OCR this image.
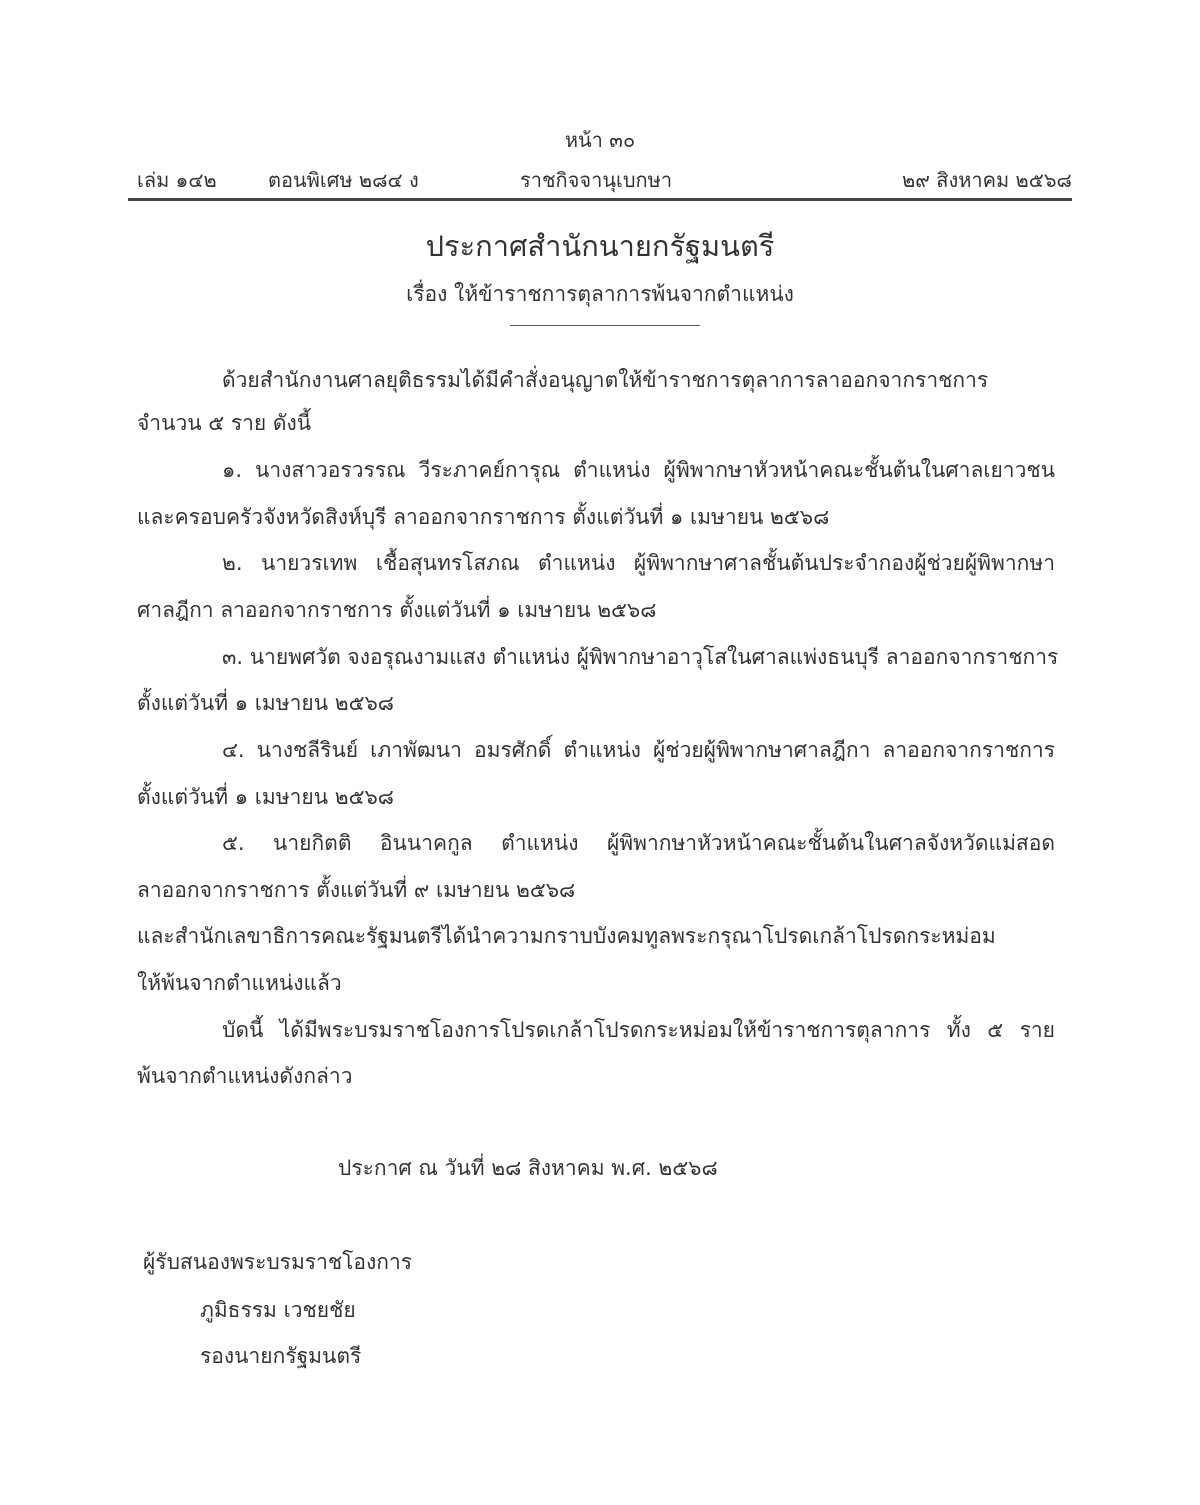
หน้า ๓๐
เล่ม ๑๔๒	ตอนพิเศษ ๒๘๔ ง	ราชกิจจานุเบกษา	๒๙ สิงหาคม ๒๕๖๘
ประกาศสำนักนายกรัฐมนตรี
เรื่อง ให้ข้าราชการตุลาการพ้นจากตำแหน่ง
ด้วยสำนักงานศาลยุติธรรมได้มีคำสั่งอนุญาตให้ข้าราชการตุลาการลาออกจากราชการ
จำนวน ๕ ราย ดังนี้
๑. นางสาวอรวรรณ วีระภาคย์การุณ ตำแหน่ง ผู้พิพากษาหัวหน้าคณะชั้นต้นในศาลเยาวชน
และครอบครัวจังหวัดสิงห์บุรี ลาออกจากราชการ ตั้งแต่วันที่ ๑ เมษายน ๒๕๖๘
๒. นายวรเทพ เชื้อสุนทรโสภณ ตำแหน่ง ผู้พิพากษาศาลชั้นต้นประจำกองผู้ช่วยผู้พิพากษา
ศาลฎีกา ลาออกจากราชการ ตั้งแต่วันที่ ๑ เมษายน ๒๕๖๘
๓. นายพศวัต จงอรุณงามแสง ตำแหน่ง ผู้พิพากษาอาวุโสในศาลแพ่งธนบุรี ลาออกจากราชการ
ตั้งแต่วันที่ ๑ เมษายน ๒๕๖๘
๔. นางชลีรินย์ เภาพัฒนา อมรศักดิ์ ตำแหน่ง ผู้ช่วยผู้พิพากษาศาลฎีกา ลาออกจากราชการ
ตั้งแต่วันที่ ๑ เมษายน ๒๕๖๘
๕. นายกิตติ อินนาคกูล ตำแหน่ง ผู้พิพากษาหัวหน้าคณะชั้นต้นในศาลจังหวัดแม่สอด
ลาออกจากราชการ ตั้งแต่วันที่ ๙ เมษายน ๒๕๖๘
และสำนักเลขาธิการคณะรัฐมนตรีได้นำความกราบบังคมทูลพระกรุณาโปรดเกล้าโปรดกระหม่อม
ให้พ้นจากตำแหน่งแล้ว
บัดนี้ ได้มีพระบรมราชโองการโปรดเกล้าโปรดกระหม่อมให้ข้าราชการตุลาการ ทั้ง ๕ ราย
พ้นจากตำแหน่งดังกล่าว
ประกาศ ณ วันที่ ๒๘ สิงหาคม พ.ศ. ๒๕๖๘
ผู้รับสนองพระบรมราชโองการ
ภูมิธรรม เวชยชัย
รองนายกรัฐมนตรี
